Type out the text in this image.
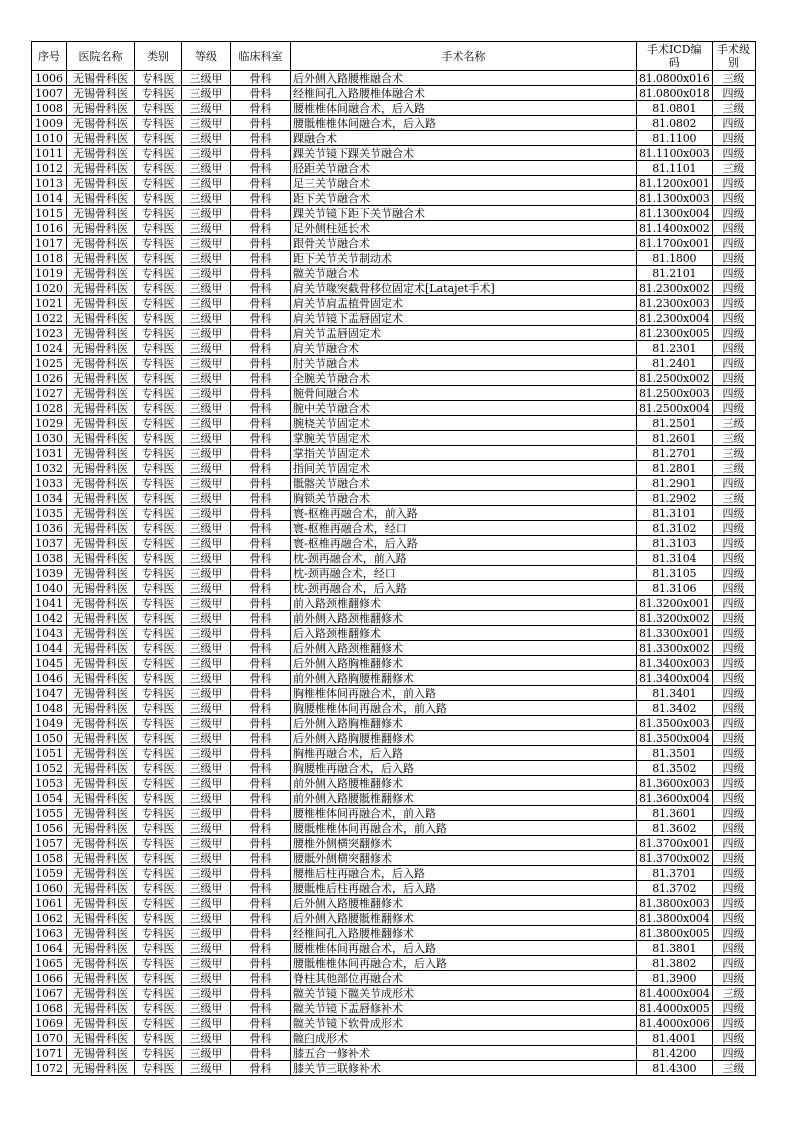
序号	医院名称	类别	等级	临床科室	手术名称	手术ICD编码	手术级别
1006	无锡骨科医	专科医	三级甲	骨科	后外侧入路腰椎融合术	81.0800x016	三级
1007	无锡骨科医	专科医	三级甲	骨科	经椎间孔入路腰椎体融合术	81.0800x018	四级
1008	无锡骨科医	专科医	三级甲	骨科	腰椎椎体间融合术，后入路	81.0801	三级
1009	无锡骨科医	专科医	三级甲	骨科	腰骶椎椎体间融合术，后入路	81.0802	四级
1010	无锡骨科医	专科医	三级甲	骨科	踝融合术	81.1100	四级
1011	无锡骨科医	专科医	三级甲	骨科	踝关节镜下踝关节融合术	81.1100x003	四级
1012	无锡骨科医	专科医	三级甲	骨科	胫距关节融合术	81.1101	三级
1013	无锡骨科医	专科医	三级甲	骨科	足三关节融合术	81.1200x001	四级
1014	无锡骨科医	专科医	三级甲	骨科	距下关节融合术	81.1300x003	四级
1015	无锡骨科医	专科医	三级甲	骨科	踝关节镜下距下关节融合术	81.1300x004	四级
1016	无锡骨科医	专科医	三级甲	骨科	足外侧柱延长术	81.1400x002	四级
1017	无锡骨科医	专科医	三级甲	骨科	跟骨关节融合术	81.1700x001	四级
1018	无锡骨科医	专科医	三级甲	骨科	距下关节关节制动术	81.1800	四级
1019	无锡骨科医	专科医	三级甲	骨科	髋关节融合术	81.2101	四级
1020	无锡骨科医	专科医	三级甲	骨科	肩关节喙突截骨移位固定术[Latajet手术]	81.2300x002	四级
1021	无锡骨科医	专科医	三级甲	骨科	肩关节肩盂植骨固定术	81.2300x003	四级
1022	无锡骨科医	专科医	三级甲	骨科	肩关节镜下盂唇固定术	81.2300x004	四级
1023	无锡骨科医	专科医	三级甲	骨科	肩关节盂唇固定术	81.2300x005	四级
1024	无锡骨科医	专科医	三级甲	骨科	肩关节融合术	81.2301	四级
1025	无锡骨科医	专科医	三级甲	骨科	肘关节融合术	81.2401	四级
1026	无锡骨科医	专科医	三级甲	骨科	全腕关节融合术	81.2500x002	四级
1027	无锡骨科医	专科医	三级甲	骨科	腕骨间融合术	81.2500x003	四级
1028	无锡骨科医	专科医	三级甲	骨科	腕中关节融合术	81.2500x004	四级
1029	无锡骨科医	专科医	三级甲	骨科	腕桡关节固定术	81.2501	三级
1030	无锡骨科医	专科医	三级甲	骨科	掌腕关节固定术	81.2601	三级
1031	无锡骨科医	专科医	三级甲	骨科	掌指关节固定术	81.2701	三级
1032	无锡骨科医	专科医	三级甲	骨科	指间关节固定术	81.2801	三级
1033	无锡骨科医	专科医	三级甲	骨科	骶髂关节融合术	81.2901	四级
1034	无锡骨科医	专科医	三级甲	骨科	胸锁关节融合术	81.2902	三级
1035	无锡骨科医	专科医	三级甲	骨科	寰-枢椎再融合术，前入路	81.3101	四级
1036	无锡骨科医	专科医	三级甲	骨科	寰-枢椎再融合术，经口	81.3102	四级
1037	无锡骨科医	专科医	三级甲	骨科	寰-枢椎再融合术，后入路	81.3103	四级
1038	无锡骨科医	专科医	三级甲	骨科	枕-颈再融合术，前入路	81.3104	四级
1039	无锡骨科医	专科医	三级甲	骨科	枕-颈再融合术，经口	81.3105	四级
1040	无锡骨科医	专科医	三级甲	骨科	枕-颈再融合术，后入路	81.3106	四级
1041	无锡骨科医	专科医	三级甲	骨科	前入路颈椎翻修术	81.3200x001	四级
1042	无锡骨科医	专科医	三级甲	骨科	前外侧入路颈椎翻修术	81.3200x002	四级
1043	无锡骨科医	专科医	三级甲	骨科	后入路颈椎翻修术	81.3300x001	四级
1044	无锡骨科医	专科医	三级甲	骨科	后外侧入路颈椎翻修术	81.3300x002	四级
1045	无锡骨科医	专科医	三级甲	骨科	后外侧入路胸椎翻修术	81.3400x003	四级
1046	无锡骨科医	专科医	三级甲	骨科	前外侧入路胸腰椎翻修术	81.3400x004	四级
1047	无锡骨科医	专科医	三级甲	骨科	胸椎椎体间再融合术，前入路	81.3401	四级
1048	无锡骨科医	专科医	三级甲	骨科	胸腰椎椎体间再融合术，前入路	81.3402	四级
1049	无锡骨科医	专科医	三级甲	骨科	后外侧入路胸椎翻修术	81.3500x003	四级
1050	无锡骨科医	专科医	三级甲	骨科	后外侧入路胸腰椎翻修术	81.3500x004	四级
1051	无锡骨科医	专科医	三级甲	骨科	胸椎再融合术，后入路	81.3501	四级
1052	无锡骨科医	专科医	三级甲	骨科	胸腰椎再融合术，后入路	81.3502	四级
1053	无锡骨科医	专科医	三级甲	骨科	前外侧入路腰椎翻修术	81.3600x003	四级
1054	无锡骨科医	专科医	三级甲	骨科	前外侧入路腰骶椎翻修术	81.3600x004	四级
1055	无锡骨科医	专科医	三级甲	骨科	腰椎椎体间再融合术，前入路	81.3601	四级
1056	无锡骨科医	专科医	三级甲	骨科	腰骶椎椎体间再融合术，前入路	81.3602	四级
1057	无锡骨科医	专科医	三级甲	骨科	腰椎外侧横突翻修术	81.3700x001	四级
1058	无锡骨科医	专科医	三级甲	骨科	腰骶外侧横突翻修术	81.3700x002	四级
1059	无锡骨科医	专科医	三级甲	骨科	腰椎后柱再融合术，后入路	81.3701	四级
1060	无锡骨科医	专科医	三级甲	骨科	腰骶椎后柱再融合术，后入路	81.3702	四级
1061	无锡骨科医	专科医	三级甲	骨科	后外侧入路腰椎翻修术	81.3800x003	四级
1062	无锡骨科医	专科医	三级甲	骨科	后外侧入路腰骶椎翻修术	81.3800x004	四级
1063	无锡骨科医	专科医	三级甲	骨科	经椎间孔入路腰椎翻修术	81.3800x005	四级
1064	无锡骨科医	专科医	三级甲	骨科	腰椎椎体间再融合术，后入路	81.3801	四级
1065	无锡骨科医	专科医	三级甲	骨科	腰骶椎椎体间再融合术，后入路	81.3802	四级
1066	无锡骨科医	专科医	三级甲	骨科	脊柱其他部位再融合术	81.3900	四级
1067	无锡骨科医	专科医	三级甲	骨科	髋关节镜下髋关节成形术	81.4000x004	三级
1068	无锡骨科医	专科医	三级甲	骨科	髋关节镜下盂唇修补术	81.4000x005	四级
1069	无锡骨科医	专科医	三级甲	骨科	髋关节镜下软骨成形术	81.4000x006	四级
1070	无锡骨科医	专科医	三级甲	骨科	髋臼成形术	81.4001	四级
1071	无锡骨科医	专科医	三级甲	骨科	膝五合一修补术	81.4200	四级
1072	无锡骨科医	专科医	三级甲	骨科	膝关节三联修补术	81.4300	三级
